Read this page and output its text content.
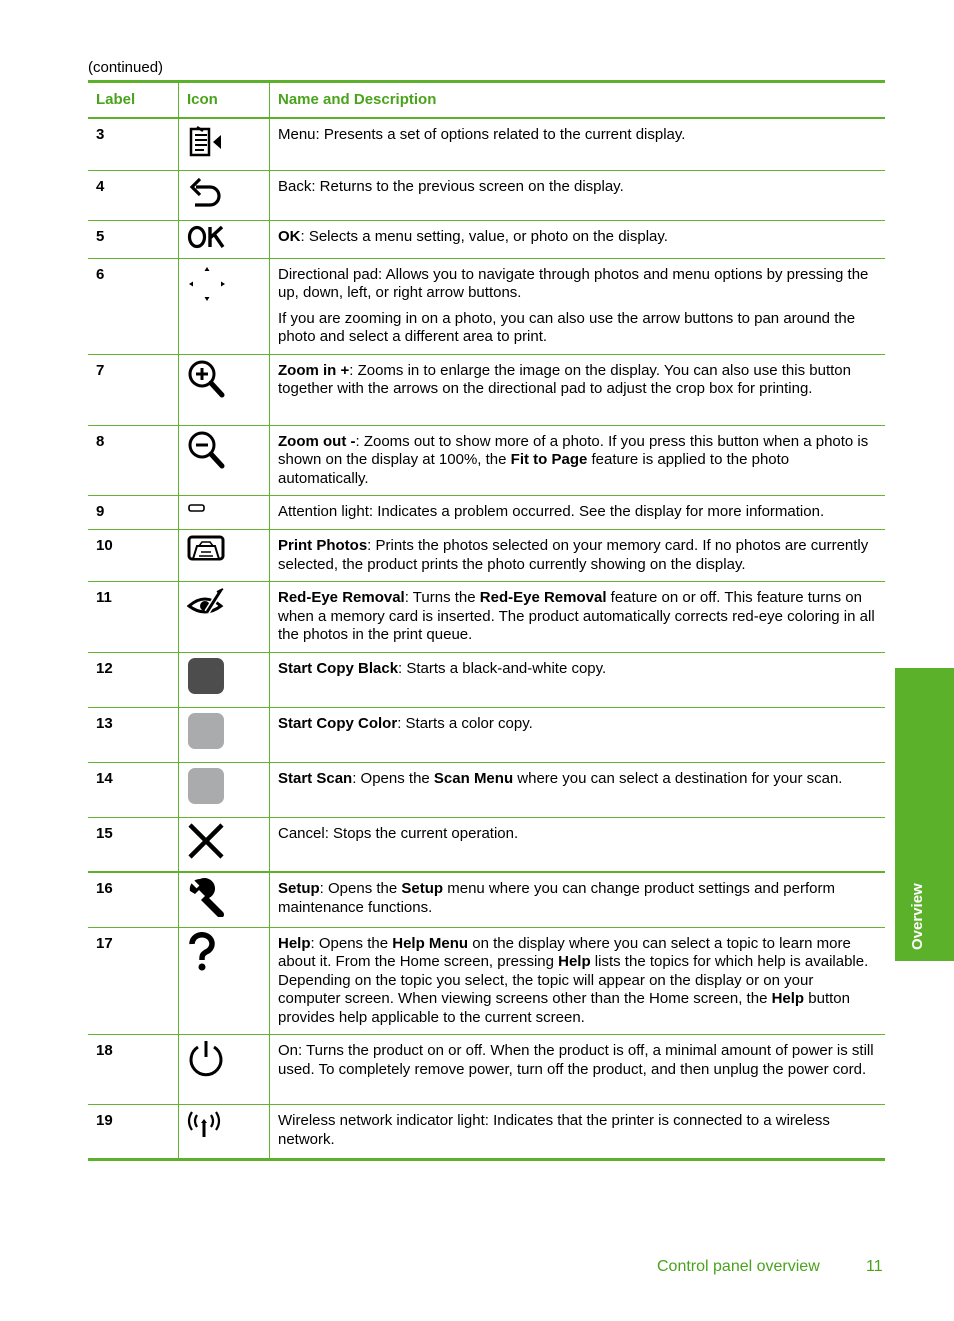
(continued)
Label	Icon	Name and Description
3		Menu: Presents a set of options related to the current display.

4		Back: Returns to the previous screen on the display.

5		OK: Selects a menu setting, value, or photo on the display.

6		Directional pad: Allows you to navigate through photos and menu options by pressing the up, down, left, or right arrow buttons.

If you are zooming in on a photo, you can also use the arrow buttons to pan around the photo and select a different area to print.

7		Zoom in +: Zooms in to enlarge the image on the display. You can also use this button together with the arrows on the directional pad to adjust the crop box for printing.

8		Zoom out -: Zooms out to show more of a photo. If you press this button when a photo is shown on the display at 100%, the Fit to Page feature is applied to the photo automatically.

9		Attention light: Indicates a problem occurred. See the display for more information.

10		Print Photos: Prints the photos selected on your memory card. If no photos are currently selected, the product prints the photo currently showing on the display.

11		Red-Eye Removal: Turns the Red-Eye Removal feature on or off. This feature turns on when a memory card is inserted. The product automatically corrects red-eye coloring in all the photos in the print queue.

12		Start Copy Black: Starts a black-and-white copy.

13		Start Copy Color: Starts a color copy.

14		Start Scan: Opens the Scan Menu where you can select a destination for your scan.

15		Cancel: Stops the current operation.

16		Setup: Opens the Setup menu where you can change product settings and perform maintenance functions.

17		Help: Opens the Help Menu on the display where you can select a topic to learn more about it. From the Home screen, pressing Help lists the topics for which help is available. Depending on the topic you select, the topic will appear on the display or on your computer screen. When viewing screens other than the Home screen, the Help button provides help applicable to the current screen.

18		On: Turns the product on or off. When the product is off, a minimal amount of power is still used. To completely remove power, turn off the product, and then unplug the power cord.

19		Wireless network indicator light: Indicates that the printer is connected to a wireless network.

Overview
Control panel overview	11
